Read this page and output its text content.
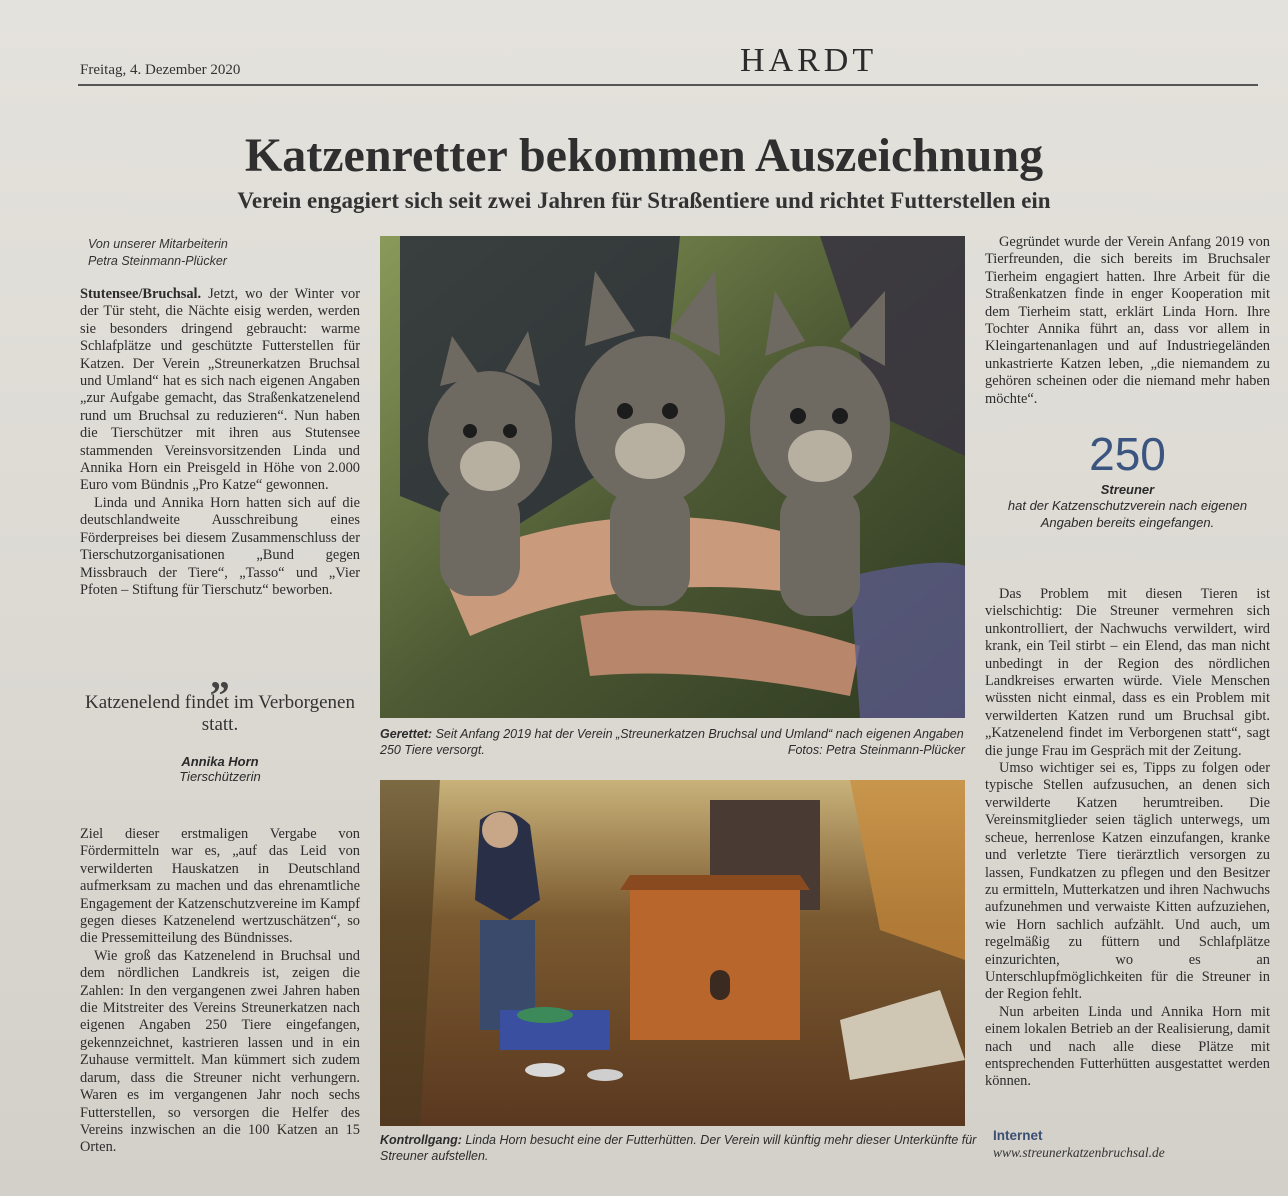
Freitag, 4. Dezember 2020	HARDT
Katzenretter bekommen Auszeichnung
Verein engagiert sich seit zwei Jahren für Straßentiere und richtet Futterstellen ein
Von unserer Mitarbeiterin
Petra Steinmann-Plücker

Stutensee/Bruchsal. Jetzt, wo der Winter vor der Tür steht, die Nächte eisig werden, werden sie besonders dringend gebraucht: warme Schlafplätze und geschützte Futterstellen für Katzen. Der Verein „Streunerkatzen Bruchsal und Umland“ hat es sich nach eigenen Angaben „zur Aufgabe gemacht, das Straßenkatzenelend rund um Bruchsal zu reduzieren“. Nun haben die Tierschützer mit ihren aus Stutensee stammenden Vereinsvorsitzenden Linda und Annika Horn ein Preisgeld in Höhe von 2.000 Euro vom Bündnis „Pro Katze“ gewonnen.

Linda und Annika Horn hatten sich auf die deutschlandweite Ausschreibung eines Förderpreises bei diesem Zusammenschluss der Tierschutzorganisationen „Bund gegen Missbrauch der Tiere“, „Tasso“ und „Vier Pfoten – Stiftung für Tierschutz“ beworben.

„
Katzenelend findet im Verborgenen statt.
Annika Horn
Tierschützerin

Ziel dieser erstmaligen Vergabe von Fördermitteln war es, „auf das Leid von verwilderten Hauskatzen in Deutschland aufmerksam zu machen und das ehrenamtliche Engagement der Katzenschutzvereine im Kampf gegen dieses Katzenelend wertzuschätzen“, so die Pressemitteilung des Bündnisses.

Wie groß das Katzenelend in Bruchsal und dem nördlichen Landkreis ist, zeigen die Zahlen: In den vergangenen zwei Jahren haben die Mitstreiter des Vereins Streunerkatzen nach eigenen Angaben 250 Tiere eingefangen, gekennzeichnet, kastrieren lassen und in ein Zuhause vermittelt. Man kümmert sich zudem darum, dass die Streuner nicht verhungern. Waren es im vergangenen Jahr noch sechs Futterstellen, so versorgen die Helfer des Vereins inzwischen an die 100 Katzen an 15 Orten.

Gerettet: Seit Anfang 2019 hat der Verein „Streunerkatzen Bruchsal und Umland“ nach eigenen Angaben 250 Tiere versorgt.	Fotos: Petra Steinmann-Plücker
Kontrollgang: Linda Horn besucht eine der Futterhütten. Der Verein will künftig mehr dieser Unterkünfte für Streuner aufstellen.

Gegründet wurde der Verein Anfang 2019 von Tierfreunden, die sich bereits im Bruchsaler Tierheim engagiert hatten. Ihre Arbeit für die Straßenkatzen finde in enger Kooperation mit dem Tierheim statt, erklärt Linda Horn. Ihre Tochter Annika führt an, dass vor allem in Kleingartenanlagen und auf Industriegeländen unkastrierte Katzen leben, „die niemandem zu gehören scheinen oder die niemand mehr haben möchte“.

250
Streuner
hat der Katzenschutzverein nach eigenen Angaben bereits eingefangen.

Das Problem mit diesen Tieren ist vielschichtig: Die Streuner vermehren sich unkontrolliert, der Nachwuchs verwildert, wird krank, ein Teil stirbt – ein Elend, das man nicht unbedingt in der Region des nördlichen Landkreises erwarten würde. Viele Menschen wüssten nicht einmal, dass es ein Problem mit verwilderten Katzen rund um Bruchsal gibt. „Katzenelend findet im Verborgenen statt“, sagt die junge Frau im Gespräch mit der Zeitung.

Umso wichtiger sei es, Tipps zu folgen oder typische Stellen aufzusuchen, an denen sich verwilderte Katzen herumtreiben. Die Vereinsmitglieder seien täglich unterwegs, um scheue, herrenlose Katzen einzufangen, kranke und verletzte Tiere tierärztlich versorgen zu lassen, Fundkatzen zu pflegen und den Besitzer zu ermitteln, Mutterkatzen und ihren Nachwuchs aufzunehmen und verwaiste Kitten aufzuziehen, wie Horn sachlich aufzählt. Und auch, um regelmäßig zu füttern und Schlafplätze einzurichten, wo es an Unterschlupfmöglichkeiten für die Streuner in der Region fehlt.

Nun arbeiten Linda und Annika Horn mit einem lokalen Betrieb an der Realisierung, damit nach und nach alle diese Plätze mit entsprechenden Futterhütten ausgestattet werden können.

Internet
www.streunerkatzenbruchsal.de
